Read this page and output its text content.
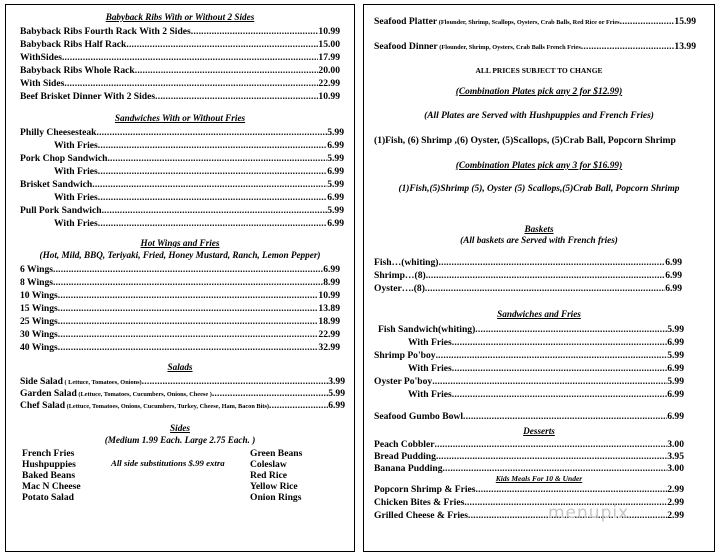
Babyback Ribs With or Without 2 Sides
Babyback Ribs Fourth Rack With 2 Sides .....	10.99
Babyback Ribs Half Rack .....	15.00
WithSides .....	17.99
Babyback Ribs Whole Rack .....	20.00
With Sides .....	22.99
Beef Brisket Dinner With 2 Sides .....	10.99
Sandwiches With or Without Fries
Philly Cheesesteak .....	5.99
With Fries .....	6.99
Pork Chop Sandwich .....	5.99
With Fries .....	6.99
Brisket Sandwich .....	5.99
With Fries .....	6.99
Pull Pork Sandwich .....	5.99
With Fries .....	6.99
Hot Wings and Fries
(Hot, Mild, BBQ, Teriyaki, Fried, Honey Mustard, Ranch, Lemon Pepper)
6 Wings .....	6.99
8 Wings .....	8.99
10 Wings .....	10.99
15 Wings .....	13.89
25 Wings .....	18.99
30 Wings .....	22.99
40 Wings .....	32.99
Salads
Side Salad ( Lettuce, Tomatoes, Onions) .....	3.99
Garden Salad (Lettuce, Tomatoes, Cucumbers, Onions, Cheese ) .....	5.99
Chef Salad (Lettuce, Tomatoes, Onions, Cucumbers, Turkey, Cheese, Ham, Bacon Bits) .....	6.99
Sides
(Medium 1.99 Each. Large 2.75 Each. )
French Fries
Hushpuppies
Baked Beans
Mac N Cheese
Potato Salad
All side substitutions $.99 extra
Green Beans
Coleslaw
Red Rice
Yellow Rice
Onion Rings
Seafood Platter (Flounder, Shrimp, Scallops, Oysters, Crab Balls, Red Rice or Fries .....	15.99
Seafood Dinner (Flounder, Shrimp, Oysters, Crab Balls French Fries .....	13.99
ALL PRICES SUBJECT TO CHANGE
(Combination Plates pick any 2 for $12.99)
(All Plates are Served with Hushpuppies and French Fries)
(1)Fish, (6) Shrimp ,(6) Oyster, (5)Scallops, (5)Crab Ball, Popcorn Shrimp
(Combination Plates pick any 3 for $16.99)
(1)Fish,(5)Shrimp (5), Oyster (5) Scallops,(5)Crab Ball, Popcorn Shrimp
Baskets
(All baskets are Served with French fries)
Fish…(whiting) .....	6.99
Shrimp…(8) .....	6.99
Oyster….(8) .....	6.99
Sandwiches and Fries
Fish Sandwich(whiting) .....	5.99
With Fries .....	6.99
Shrimp Po'boy .....	5.99
With Fries .....	6.99
Oyster Po'boy .....	5.99
With Fries .....	6.99
Seafood Gumbo Bowl .....	6.99
Desserts
Peach Cobbler .....	3.00
Bread Pudding .....	3.95
Banana Pudding .....	3.00
Kids Meals For 10 & Under
Popcorn Shrimp & Fries .....	2.99
Chicken Bites & Fries .....	2.99
Grilled Cheese & Fries .....	2.99
menupix
